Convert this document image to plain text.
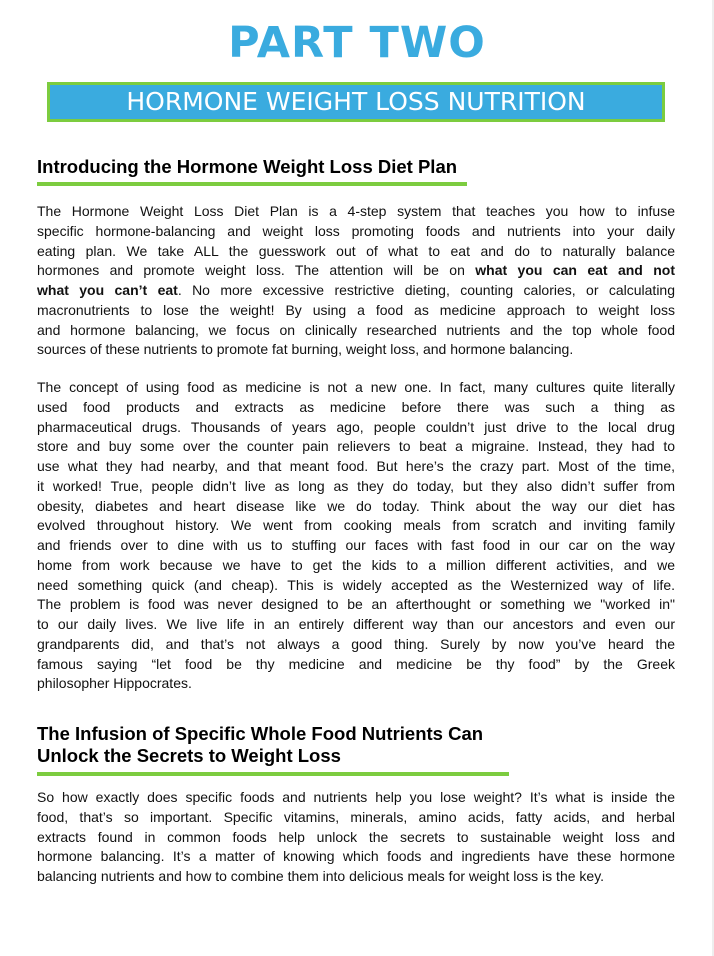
PART TWO
HORMONE WEIGHT LOSS NUTRITION
Introducing the Hormone Weight Loss Diet Plan
The Hormone Weight Loss Diet Plan is a 4-step system that teaches you how to infuse
specific hormone-balancing and weight loss promoting foods and nutrients into your daily
eating plan. We take ALL the guesswork out of what to eat and do to naturally balance
hormones and promote weight loss. The attention will be on what you can eat and not
what you can’t eat. No more excessive restrictive dieting, counting calories, or calculating
macronutrients to lose the weight! By using a food as medicine approach to weight loss
and hormone balancing, we focus on clinically researched nutrients and the top whole food
sources of these nutrients to promote fat burning, weight loss, and hormone balancing.
The concept of using food as medicine is not a new one. In fact, many cultures quite literally
used food products and extracts as medicine before there was such a thing as
pharmaceutical drugs. Thousands of years ago, people couldn’t just drive to the local drug
store and buy some over the counter pain relievers to beat a migraine. Instead, they had to
use what they had nearby, and that meant food. But here’s the crazy part. Most of the time,
it worked! True, people didn’t live as long as they do today, but they also didn’t suffer from
obesity, diabetes and heart disease like we do today. Think about the way our diet has
evolved throughout history. We went from cooking meals from scratch and inviting family
and friends over to dine with us to stuffing our faces with fast food in our car on the way
home from work because we have to get the kids to a million different activities, and we
need something quick (and cheap). This is widely accepted as the Westernized way of life.
The problem is food was never designed to be an afterthought or something we "worked in"
to our daily lives. We live life in an entirely different way than our ancestors and even our
grandparents did, and that’s not always a good thing. Surely by now you’ve heard the
famous saying “let food be thy medicine and medicine be thy food” by the Greek
philosopher Hippocrates.
The Infusion of Specific Whole Food Nutrients Can
Unlock the Secrets to Weight Loss
So how exactly does specific foods and nutrients help you lose weight? It’s what is inside the
food, that’s so important. Specific vitamins, minerals, amino acids, fatty acids, and herbal
extracts found in common foods help unlock the secrets to sustainable weight loss and
hormone balancing. It’s a matter of knowing which foods and ingredients have these hormone
balancing nutrients and how to combine them into delicious meals for weight loss is the key.
